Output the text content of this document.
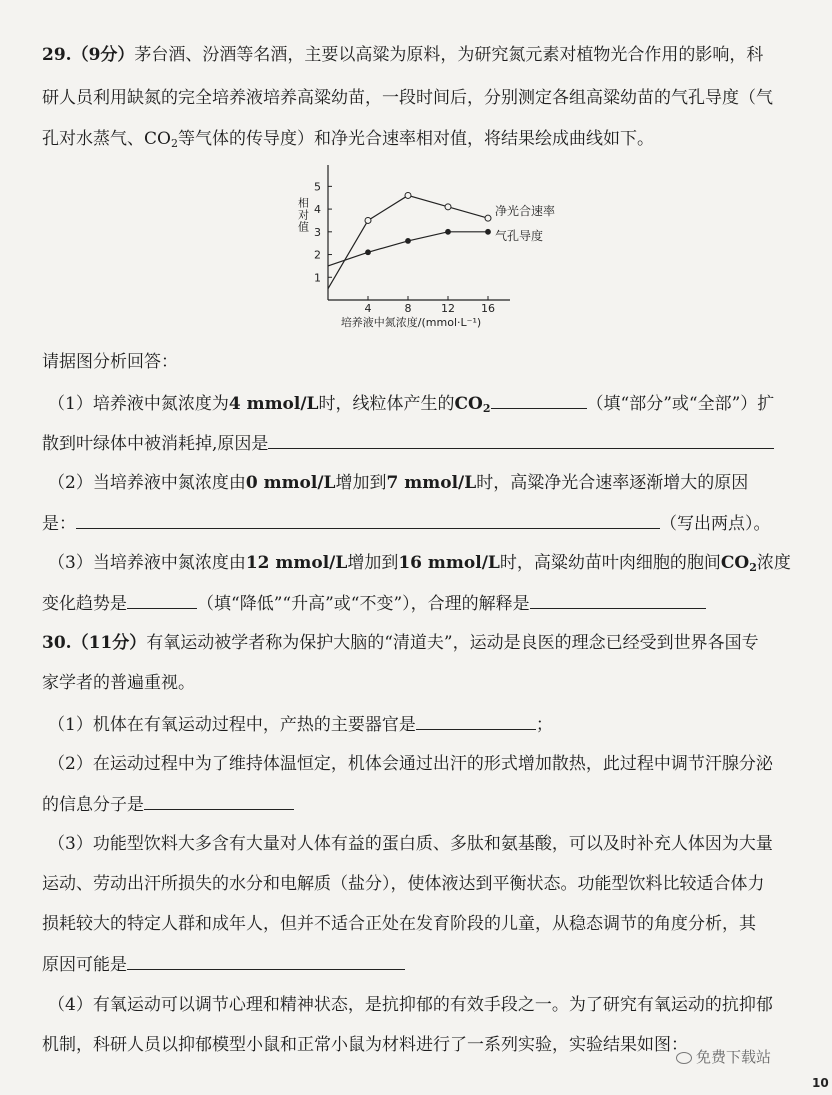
29.（9分）茅台酒、汾酒等名酒，主要以高粱为原料，为研究氮元素对植物光合作用的影响，科
研人员利用缺氮的完全培养液培养高粱幼苗，一段时间后，分别测定各组高粱幼苗的气孔导度（气
孔对水蒸气、CO2等气体的传导度）和净光合速率相对值，将结果绘成曲线如下。
1
2
3
4
5
4	8	12 16
相对值
培养液中氮浓度/(mmol·L⁻¹)
净光合速率
气孔导度
请据图分析回答：
（1）培养液中氮浓度为4 mmol/L时，线粒体产生的CO2	（填“部分”或“全部”）扩
散到叶绿体中被消耗掉,原因是
（2）当培养液中氮浓度由0 mmol/L增加到7 mmol/L时，高粱净光合速率逐渐增大的原因
是：	（写出两点）。
（3）当培养液中氮浓度由12 mmol/L增加到16 mmol/L时，高粱幼苗叶肉细胞的胞间CO2浓度
变化趋势是	（填“降低”“升高”或“不变”），合理的解释是
30.（11分）有氧运动被学者称为保护大脑的“清道夫”，运动是良医的理念已经受到世界各国专
家学者的普遍重视。
（1）机体在有氧运动过程中，产热的主要器官是	；
（2）在运动过程中为了维持体温恒定，机体会通过出汗的形式增加散热，此过程中调节汗腺分泌
的信息分子是
（3）功能型饮料大多含有大量对人体有益的蛋白质、多肽和氨基酸，可以及时补充人体因为大量
运动、劳动出汗所损失的水分和电解质（盐分），使体液达到平衡状态。功能型饮料比较适合体力
损耗较大的特定人群和成年人，但并不适合正处在发育阶段的儿童，从稳态调节的角度分析，其
原因可能是
（4）有氧运动可以调节心理和精神状态，是抗抑郁的有效手段之一。为了研究有氧运动的抗抑郁
机制，科研人员以抑郁模型小鼠和正常小鼠为材料进行了一系列实验，实验结果如图：
免费下载站
10
